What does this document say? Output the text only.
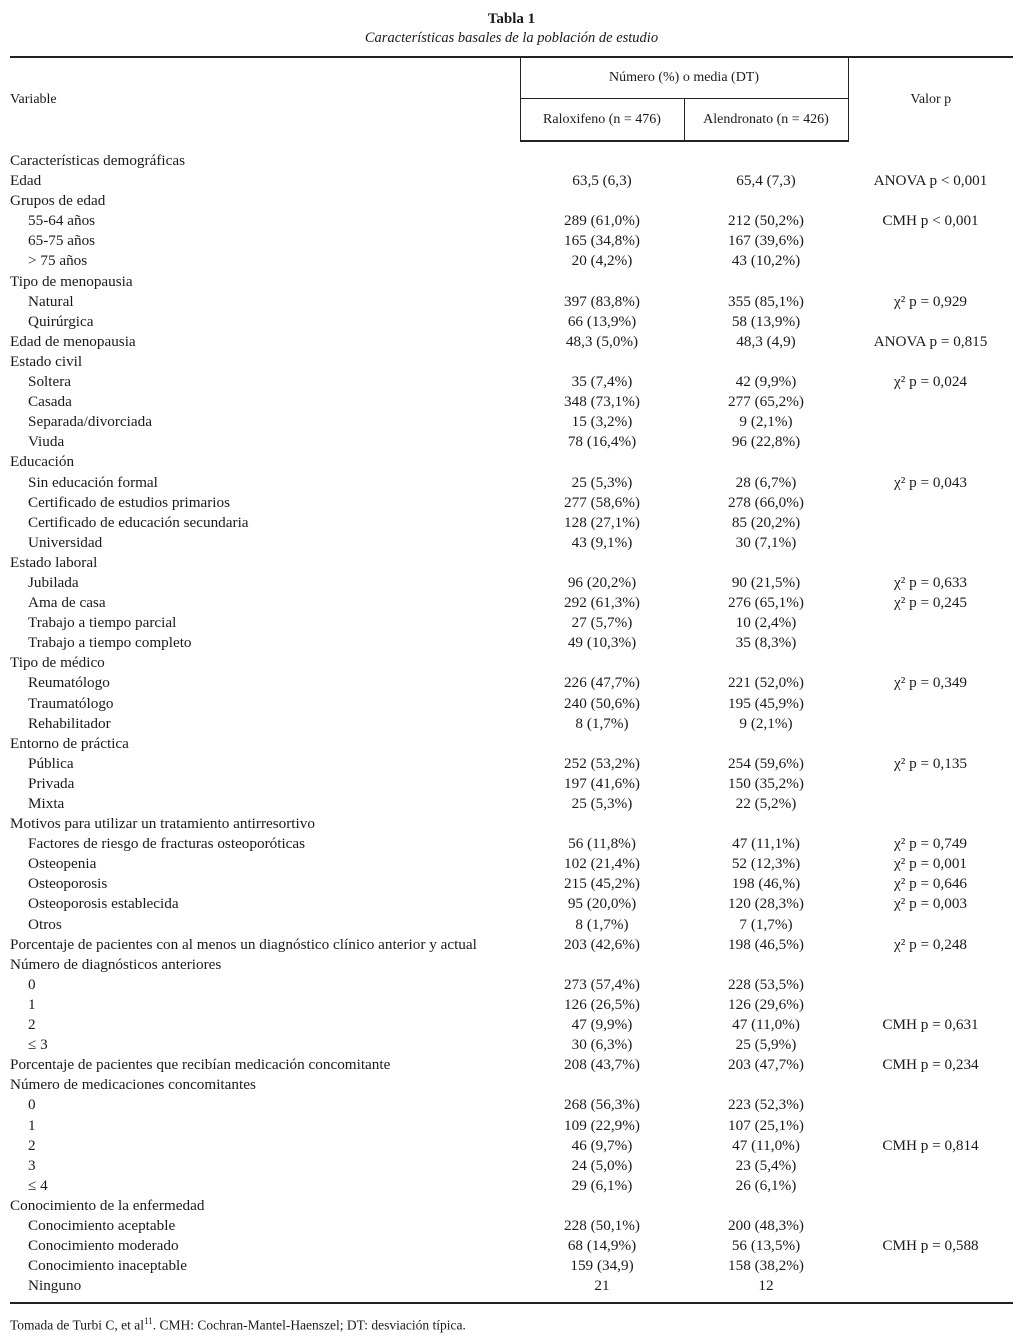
Tabla 1
Características basales de la población de estudio
Variable	Número (%) o media (DT)		Valor p
	Raloxifeno (n = 476)	Alendronato (n = 426)	
Características demográficas			
Edad	63,5 (6,3)	65,4 (7,3)	ANOVA p < 0,001
Grupos de edad			
55-64 años	289 (61,0%)	212 (50,2%)	CMH p < 0,001
65-75 años	165 (34,8%)	167 (39,6%)	
> 75 años	20 (4,2%)	43 (10,2%)	
Tipo de menopausia			
Natural	397 (83,8%)	355 (85,1%)	χ² p = 0,929
Quirúrgica	66 (13,9%)	58 (13,9%)	
Edad de menopausia	48,3 (5,0%)	48,3 (4,9)	ANOVA p = 0,815
Estado civil			
Soltera	35 (7,4%)	42 (9,9%)	χ² p = 0,024
Casada	348 (73,1%)	277 (65,2%)	
Separada/divorciada	15 (3,2%)	9 (2,1%)	
Viuda	78 (16,4%)	96 (22,8%)	
Educación			
Sin educación formal	25 (5,3%)	28 (6,7%)	χ² p = 0,043
Certificado de estudios primarios	277 (58,6%)	278 (66,0%)	
Certificado de educación secundaria	128 (27,1%)	85 (20,2%)	
Universidad	43 (9,1%)	30 (7,1%)	
Estado laboral			
Jubilada	96 (20,2%)	90 (21,5%)	χ² p = 0,633
Ama de casa	292 (61,3%)	276 (65,1%)	χ² p = 0,245
Trabajo a tiempo parcial	27 (5,7%)	10 (2,4%)	
Trabajo a tiempo completo	49 (10,3%)	35 (8,3%)	
Tipo de médico			
Reumatólogo	226 (47,7%)	221 (52,0%)	χ² p = 0,349
Traumatólogo	240 (50,6%)	195 (45,9%)	
Rehabilitador	8 (1,7%)	9 (2,1%)	
Entorno de práctica			
Pública	252 (53,2%)	254 (59,6%)	χ² p = 0,135
Privada	197 (41,6%)	150 (35,2%)	
Mixta	25 (5,3%)	22 (5,2%)	
Motivos para utilizar un tratamiento antirresortivo			
Factores de riesgo de fracturas osteoporóticas	56 (11,8%)	47 (11,1%)	χ² p = 0,749
Osteopenia	102 (21,4%)	52 (12,3%)	χ² p = 0,001
Osteoporosis	215 (45,2%)	198 (46,%)	χ² p = 0,646
Osteoporosis establecida	95 (20,0%)	120 (28,3%)	χ² p = 0,003
Otros	8 (1,7%)	7 (1,7%)	
Porcentaje de pacientes con al menos un diagnóstico clínico anterior y actual	203 (42,6%)	198 (46,5%)	χ² p = 0,248
Número de diagnósticos anteriores			
0	273 (57,4%)	228 (53,5%)	
1	126 (26,5%)	126 (29,6%)	
2	47 (9,9%)	47 (11,0%)	CMH p = 0,631
≤ 3	30 (6,3%)	25 (5,9%)	
Porcentaje de pacientes que recibían medicación concomitante	208 (43,7%)	203 (47,7%)	CMH p = 0,234
Número de medicaciones concomitantes			
0	268 (56,3%)	223 (52,3%)	
1	109 (22,9%)	107 (25,1%)	
2	46 (9,7%)	47 (11,0%)	CMH p = 0,814
3	24 (5,0%)	23 (5,4%)	
≤ 4	29 (6,1%)	26 (6,1%)	
Conocimiento de la enfermedad			
Conocimiento aceptable	228 (50,1%)	200 (48,3%)	
Conocimiento moderado	68 (14,9%)	56 (13,5%)	CMH p = 0,588
Conocimiento inaceptable	159 (34,9)	158 (38,2%)	
Ninguno	21	12	
Tomada de Turbi C, et $al^{11}$. CMH: Cochran-Mantel-Haenszel; DT: desviación típica.
